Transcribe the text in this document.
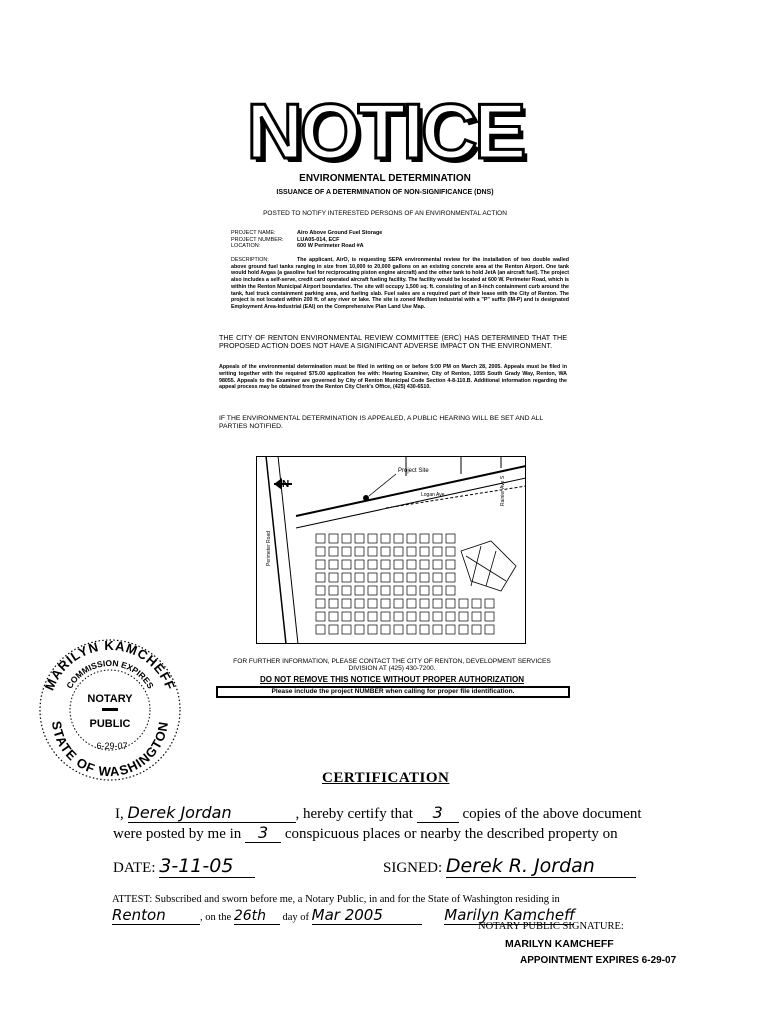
NOTICE
ENVIRONMENTAL DETERMINATION
ISSUANCE OF A DETERMINATION OF NON-SIGNIFICANCE (DNS)
POSTED TO NOTIFY INTERESTED PERSONS OF AN ENVIRONMENTAL ACTION
PROJECT NAME:	Airo Above Ground Fuel Storage
PROJECT NUMBER:	LUA05-014, ECF
LOCATION:	600 W Perimeter Road #A
DESCRIPTION:	The applicant, AirO, is requesting SEPA environmental review for the installation of two double walled above ground fuel tanks ranging in size from 10,000 to 20,000 gallons on an existing concrete area at the Renton Airport. One tank would hold Avgas (a gasoline fuel for reciprocating piston engine aircraft) and the other tank to hold JetA (an aircraft fuel). The project also includes a self-serve, credit card operated aircraft fueling facility. The facility would be located at 600 W. Perimeter Road, which is within the Renton Municipal Airport boundaries. The site will occupy 1,500 sq. ft. consisting of an 8-inch containment curb around the tank, fuel truck containment parking area, and fueling slab. Fuel sales are a required part of their lease with the City of Renton. The project is not located within 200 ft. of any river or lake. The site is zoned Medium Industrial with a "P" suffix (IM-P) and is designated Employment Area-Industrial (EAI) on the Comprehensive Plan Land Use Map.
THE CITY OF RENTON ENVIRONMENTAL REVIEW COMMITTEE (ERC) HAS DETERMINED THAT THE PROPOSED ACTION DOES NOT HAVE A SIGNIFICANT ADVERSE IMPACT ON THE ENVIRONMENT.
Appeals of the environmental determination must be filed in writing on or before 5:00 PM on March 28, 2005. Appeals must be filed in writing together with the required $75.00 application fee with: Hearing Examiner, City of Renton, 1055 South Grady Way, Renton, WA 98055. Appeals to the Examiner are governed by City of Renton Municipal Code Section 4-8-110.B. Additional information regarding the appeal process may be obtained from the Renton City Clerk's Office, (425) 430-6510.
IF THE ENVIRONMENTAL DETERMINATION IS APPEALED, A PUBLIC HEARING WILL BE SET AND ALL PARTIES NOTIFIED.
N
Project Site
Perimeter Road
Logan Ave	Rainier Ave S
FOR FURTHER INFORMATION, PLEASE CONTACT THE CITY OF RENTON, DEVELOPMENT SERVICES DIVISION AT (425) 430-7200.
DO NOT REMOVE THIS NOTICE WITHOUT PROPER AUTHORIZATION
Please include the project NUMBER when calling for proper file identification.
MARILYN KAMCHEFF
COMMISSION EXPIRES
NOTARY
PUBLIC
6-29-07
STATE OF WASHINGTON
CERTIFICATION
I, Derek Jordan	, hereby certify that 3 copies of the above document
were posted by me in 3 conspicuous places or nearby the described property on
DATE: 3-11-05	SIGNED: Derek R. Jordan
ATTEST: Subscribed and sworn before me, a Notary Public, in and for the State of Washington residing in
Renton	, on the 26th day of Mar 2005	Marilyn Kamcheff
NOTARY PUBLIC SIGNATURE:
MARILYN KAMCHEFF
APPOINTMENT EXPIRES 6-29-07
